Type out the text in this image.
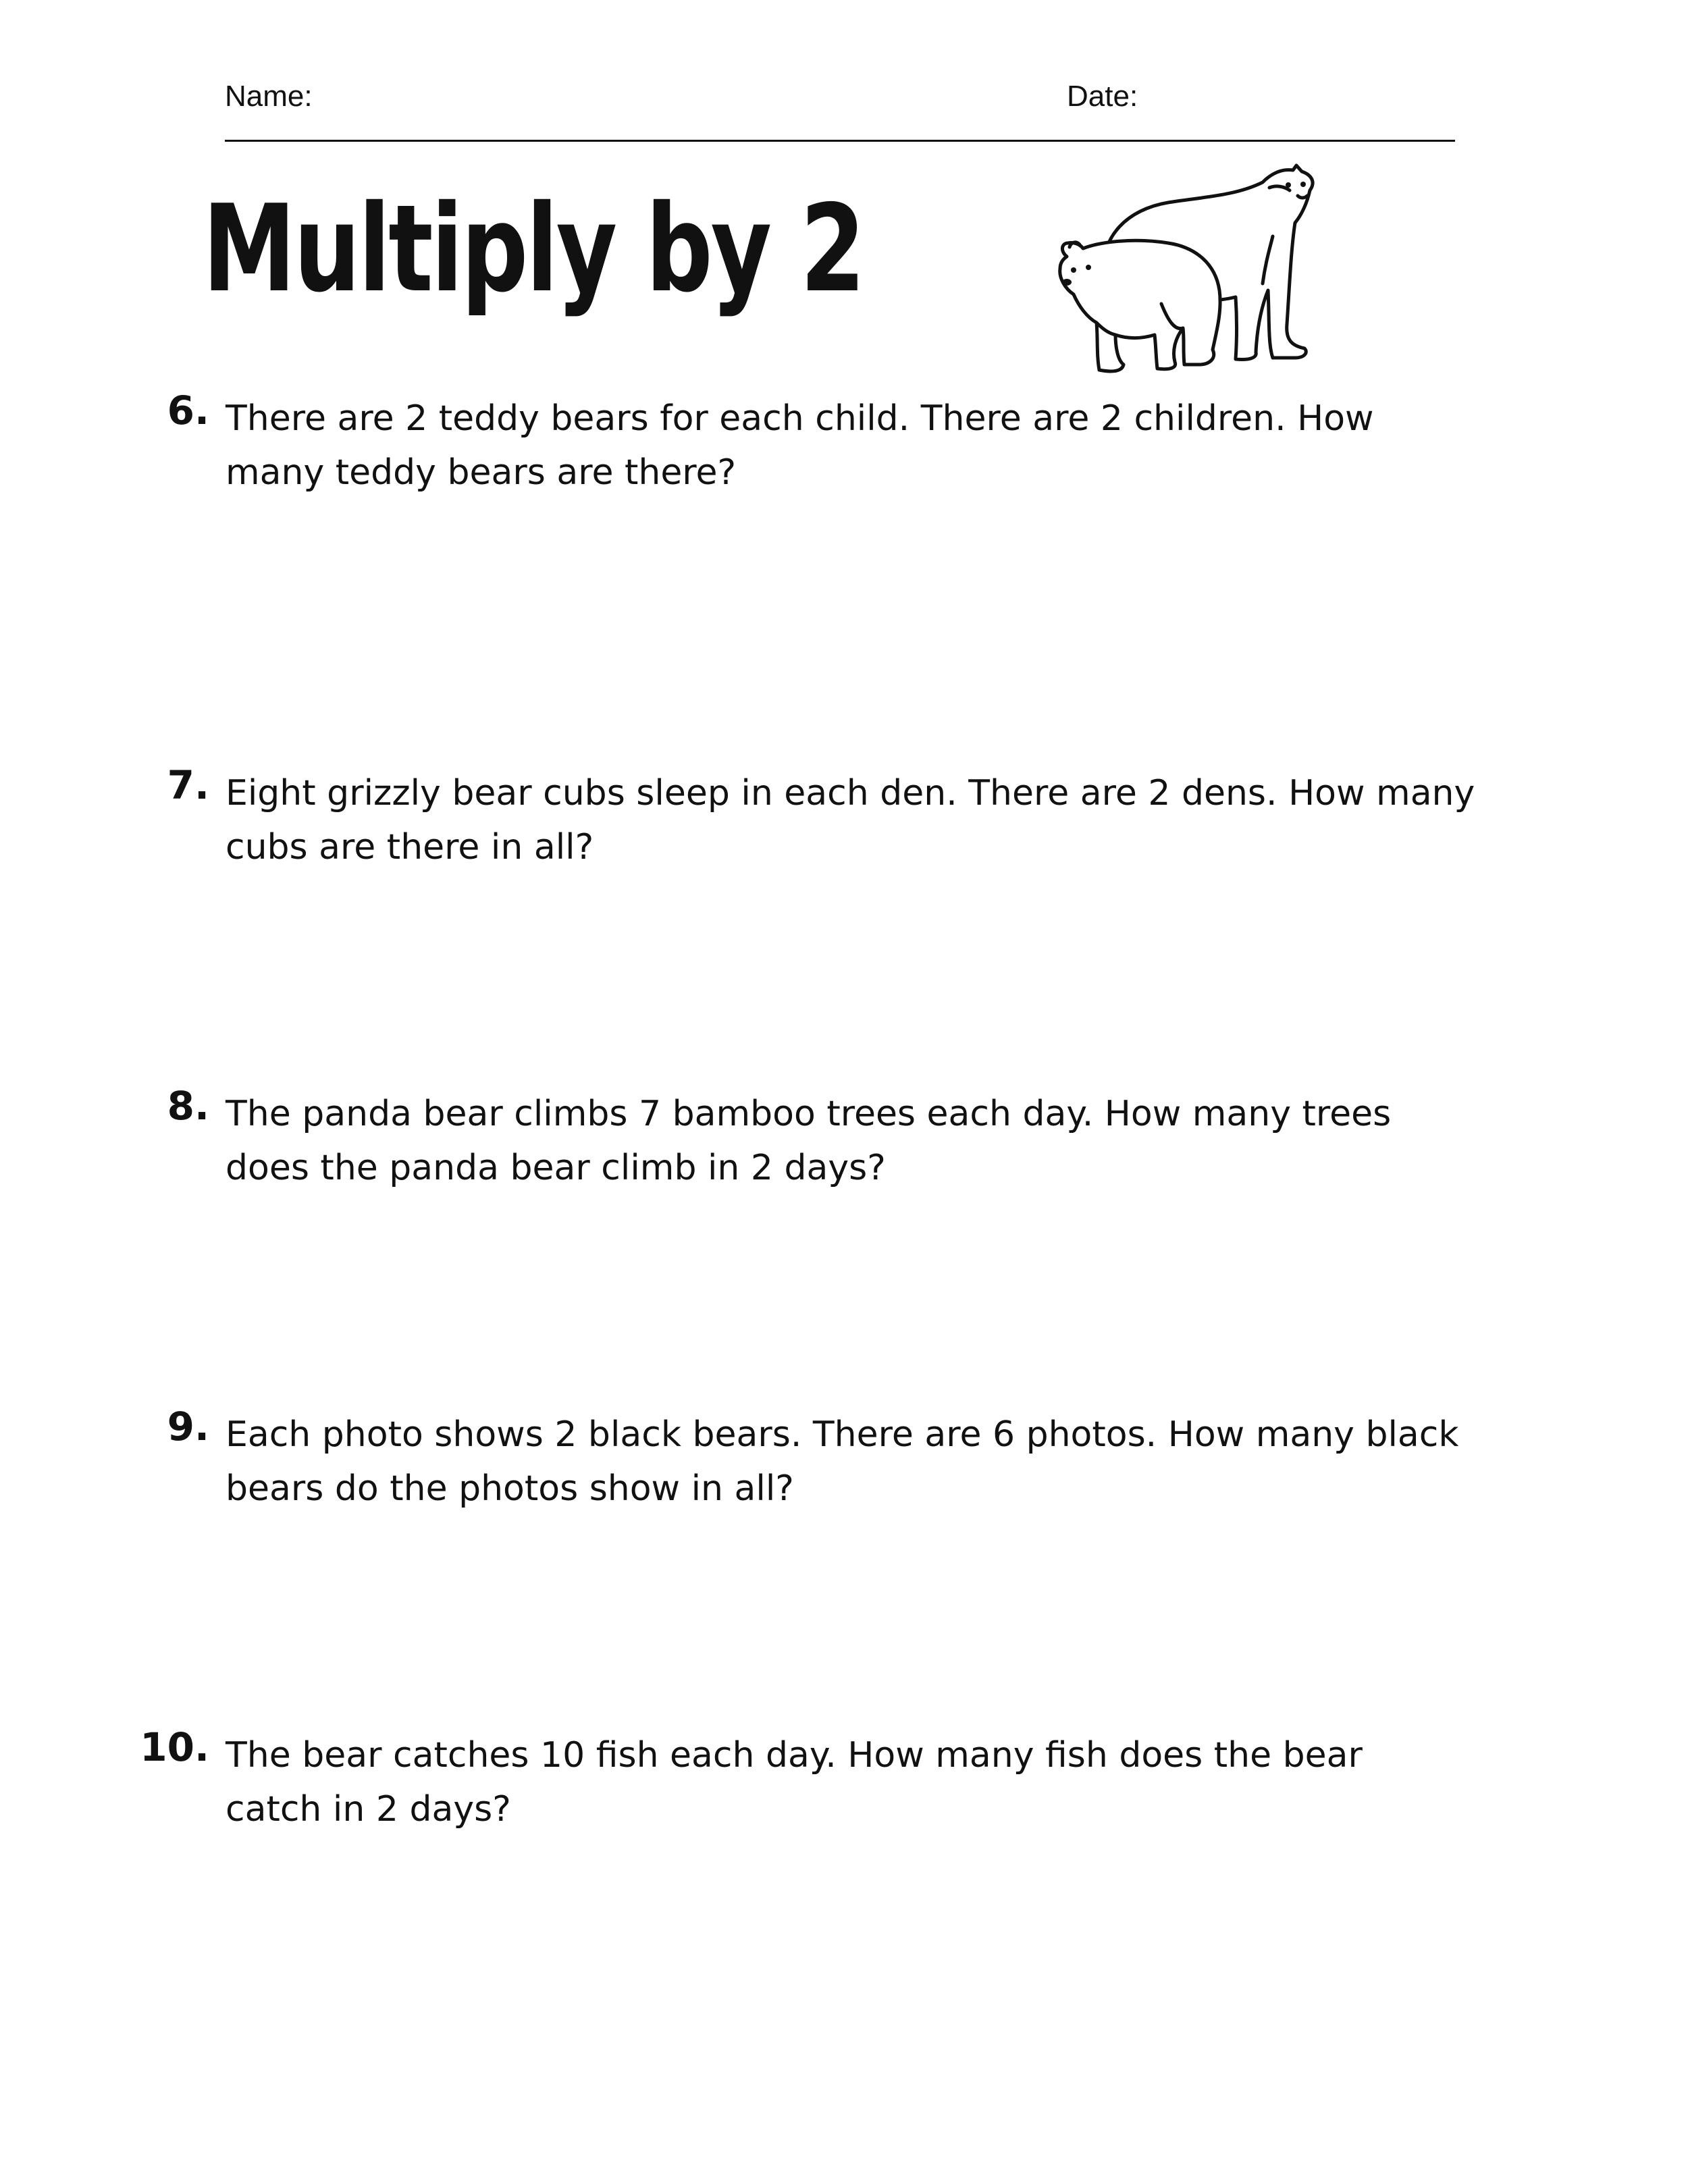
Name:	Date:
Multiply by 2
6. There are 2 teddy bears for each child. There are 2 children. How
many teddy bears are there?
7. Eight grizzly bear cubs sleep in each den. There are 2 dens. How many
cubs are there in all?
8. The panda bear climbs 7 bamboo trees each day. How many trees
does the panda bear climb in 2 days?
9. Each photo shows 2 black bears. There are 6 photos. How many black
bears do the photos show in all?
10. The bear catches 10 fish each day. How many fish does the bear
catch in 2 days?
